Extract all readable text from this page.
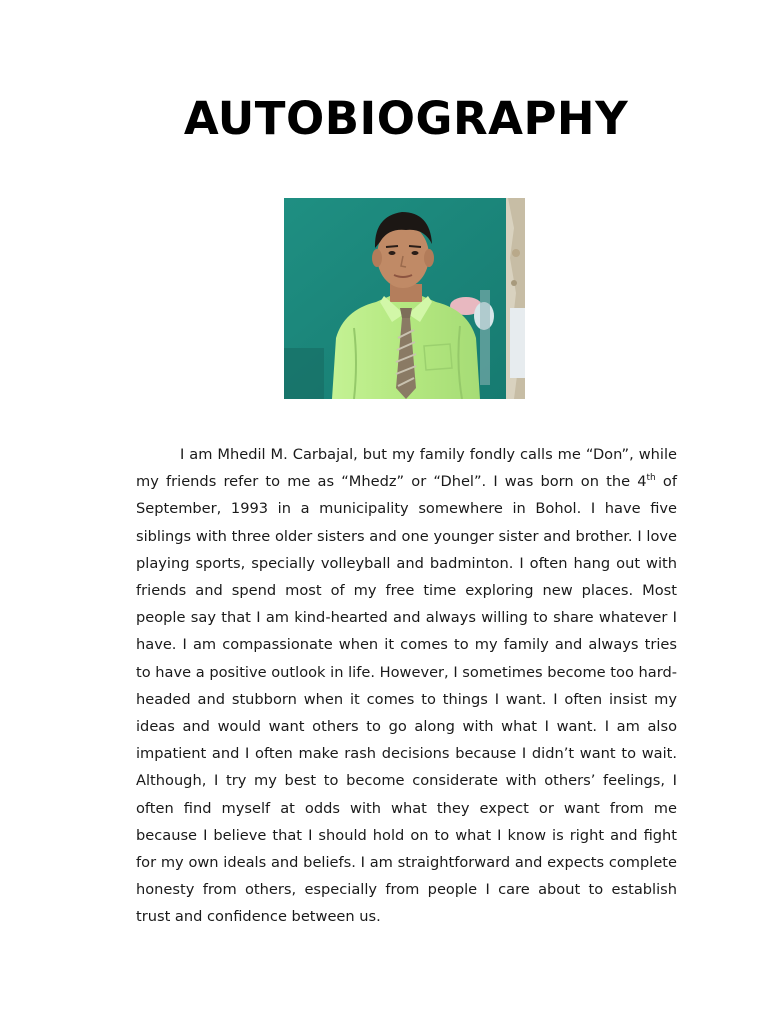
AUTOBIOGRAPHY

I am Mhedil M. Carbajal, but my family fondly calls me “Don”, while my friends refer to me as “Mhedz” or “Dhel”. I was born on the 4th of September, 1993 in a municipality somewhere in Bohol. I have five siblings with three older sisters and one younger sister and brother. I love playing sports, specially volleyball and badminton. I often hang out with friends and spend most of my free time exploring new places. Most people say that I am kind-hearted and always willing to share whatever I have. I am compassionate when it comes to my family and always tries to have a positive outlook in life. However, I sometimes become too hard-headed and stubborn when it comes to things I want. I often insist my ideas and would want others to go along with what I want. I am also impatient and I often make rash decisions because I didn’t want to wait. Although, I try my best to become considerate with others’ feelings, I often find myself at odds with what they expect or want from me because I believe that I should hold on to what I know is right and fight for my own ideals and beliefs. I am straightforward and expects complete honesty from others, especially from people I care about to establish trust and confidence between us.
